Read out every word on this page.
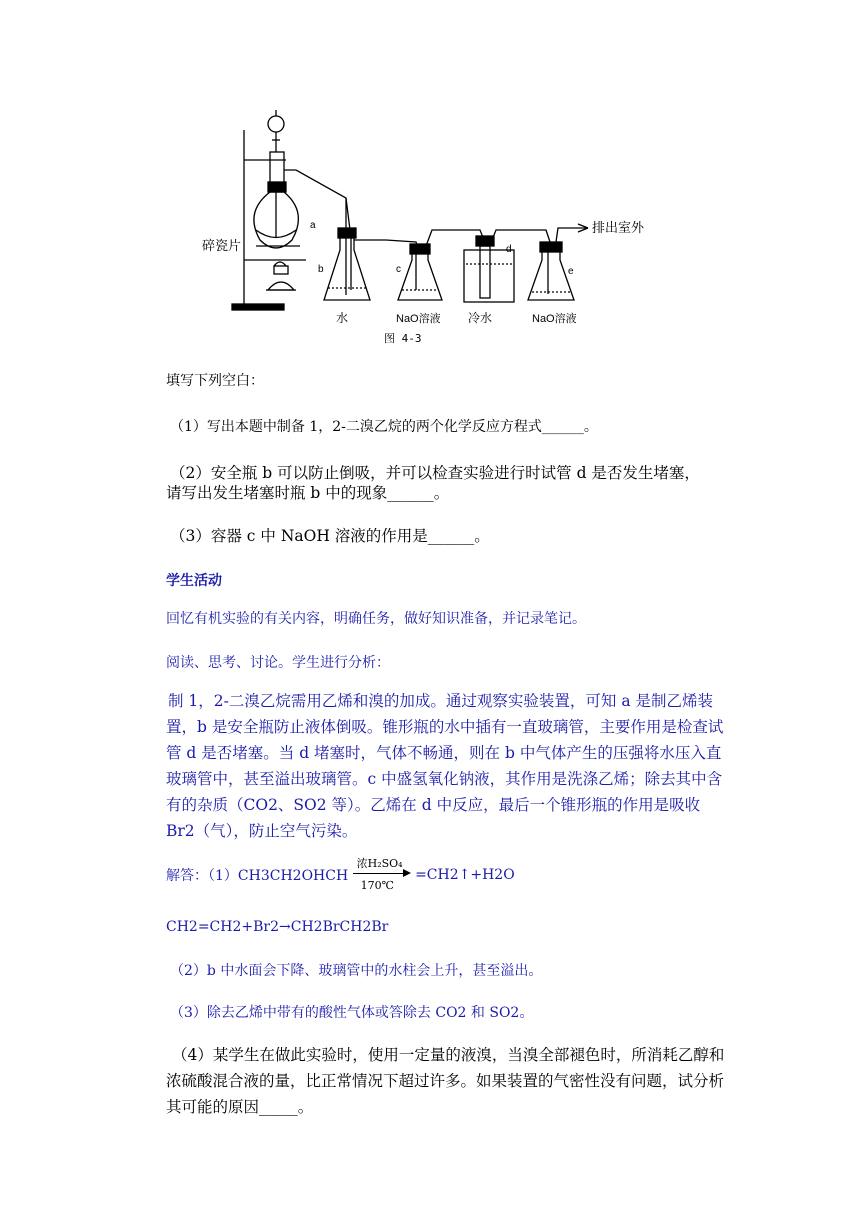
碎瓷片
a
b	c
d
e
排出室外
水	NaO溶液 冷水	NaO溶液
图 4-3
填写下列空白：
（1）写出本题中制备 1，2-二溴乙烷的两个化学反应方程式______。
（2）安全瓶 b 可以防止倒吸，并可以检查实验进行时试管 d 是否发生堵塞，
请写出发生堵塞时瓶 b 中的现象______。
（3）容器 c 中 NaOH 溶液的作用是______。
学生活动
回忆有机实验的有关内容，明确任务，做好知识准备，并记录笔记。
阅读、思考、讨论。学生进行分析：
制 1，2-二溴乙烷需用乙烯和溴的加成。通过观察实验装置，可知 a 是制乙烯装置，b 是安全瓶防止液体倒吸。锥形瓶的水中插有一直玻璃管，主要作用是检查试管 d 是否堵塞。当 d 堵塞时，气体不畅通，则在 b 中气体产生的压强将水压入直玻璃管中，甚至溢出玻璃管。c 中盛氢氧化钠液，其作用是洗涤乙烯；除去其中含有的杂质（CO2、SO2 等）。乙烯在 d 中反应，最后一个锥形瓶的作用是吸收 Br2（气），防止空气污染。
解答：（1）CH3CH2OHCH
浓H₂SO₄
170℃
=CH2↑+H2O
CH2=CH2+Br2→CH2BrCH2Br
（2）b 中水面会下降、玻璃管中的水柱会上升，甚至溢出。
（3）除去乙烯中带有的酸性气体或答除去 CO2 和 SO2。
（4）某学生在做此实验时，使用一定量的液溴，当溴全部褪色时，所消耗乙醇和浓硫酸混合液的量，比正常情况下超过许多。如果装置的气密性没有问题，试分析其可能的原因_____。
